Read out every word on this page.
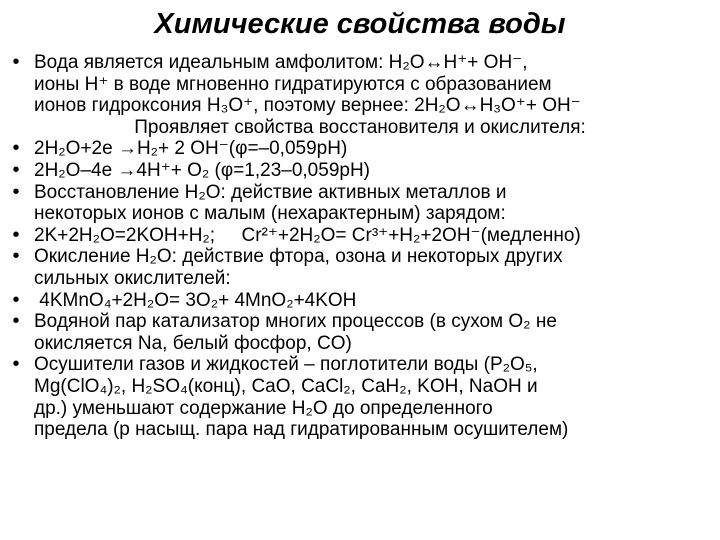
Химические свойства воды
• Вода является идеальным амфолитом: H₂O↔H⁺+ OH⁻,
ионы H⁺ в воде мгновенно гидратируются с образованием
ионов гидроксония H₃O⁺, поэтому вернее: 2H₂O↔H₃O⁺+ OH⁻
Проявляет свойства восстановителя и окислителя:
• 2H₂O+2e →H₂+ 2 OH⁻(φ=–0,059pH)
• 2H₂O–4e →4H⁺+ O₂ (φ=1,23–0,059pH)
• Восстановление H₂O: действие активных металлов и
некоторых ионов с малым (нехарактерным) зарядом:
• 2K+2H₂O=2KOH+H₂;     Cr²⁺+2H₂O= Cr³⁺+H₂+2OH⁻(медленно)
• Окисление H₂O: действие фтора, озона и некоторых других
сильных окислителей:
• 4KMnO₄+2H₂O= 3O₂+ 4MnO₂+4KOH
• Водяной пар катализатор многих процессов (в сухом O₂ не
окисляется Na, белый фосфор, CO)
• Осушители газов и жидкостей – поглотители воды (P₂O₅,
Mg(ClO₄)₂, H₂SO₄(конц), CaO, CaCl₂, CaH₂, KOH, NaOH и
др.) уменьшают содержание H₂O до определенного
предела (p насыщ. пара над гидратированным осушителем)
